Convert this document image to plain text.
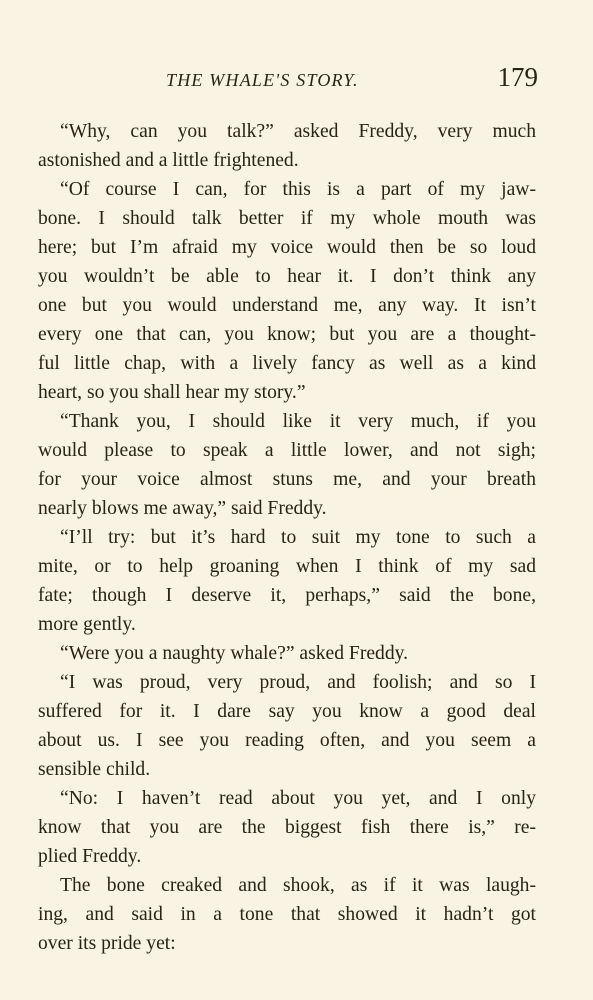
THE WHALE'S STORY.	179
“Why, can you talk?” asked Freddy, very much
astonished and a little frightened.
“Of course I can, for this is a part of my jaw-
bone. I should talk better if my whole mouth was
here; but I’m afraid my voice would then be so loud
you wouldn’t be able to hear it. I don’t think any
one but you would understand me, any way. It isn’t
every one that can, you know; but you are a thought-
ful little chap, with a lively fancy as well as a kind
heart, so you shall hear my story.”
“Thank you, I should like it very much, if you
would please to speak a little lower, and not sigh;
for your voice almost stuns me, and your breath
nearly blows me away,” said Freddy.
“I’ll try: but it’s hard to suit my tone to such a
mite, or to help groaning when I think of my sad
fate; though I deserve it, perhaps,” said the bone,
more gently.
“Were you a naughty whale?” asked Freddy.
“I was proud, very proud, and foolish; and so I
suffered for it. I dare say you know a good deal
about us. I see you reading often, and you seem a
sensible child.
“No: I haven’t read about you yet, and I only
know that you are the biggest fish there is,” re-
plied Freddy.
The bone creaked and shook, as if it was laugh-
ing, and said in a tone that showed it hadn’t got
over its pride yet:
